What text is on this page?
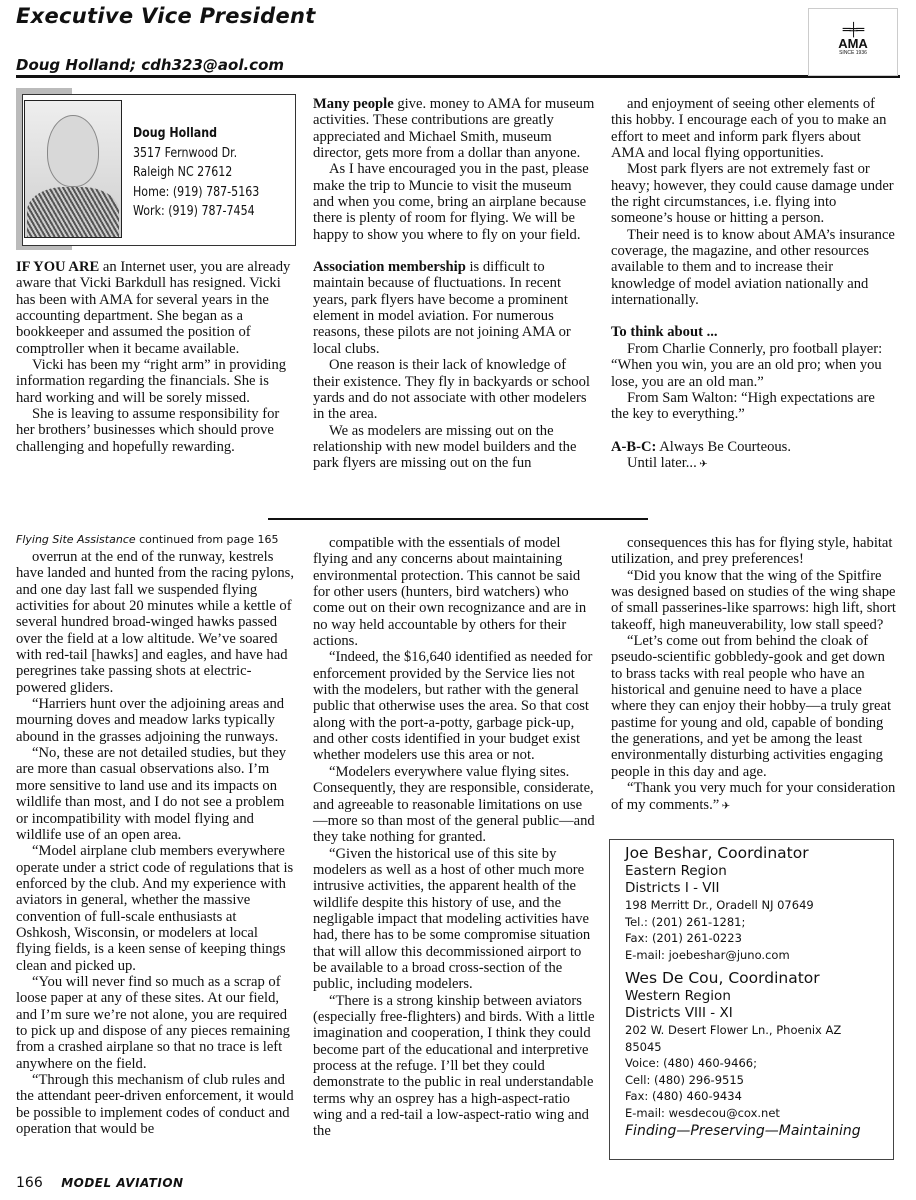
Executive Vice President
Doug Holland; cdh323@aol.com
═╪═
AMA
SINCE 1936
Doug Holland
3517 Fernwood Dr.
Raleigh NC 27612
Home: (919) 787-5163
Work: (919) 787-7454

IF YOU ARE an Internet user, you are already aware that Vicki Barkdull has resigned. Vicki has been with AMA for several years in the accounting department. She began as a bookkeeper and assumed the position of comptroller when it became available.

Vicki has been my “right arm” in providing information regarding the financials. She is hard working and will be sorely missed.

She is leaving to assume responsibility for her brothers’ businesses which should prove challenging and hopefully rewarding.

Many people give. money to AMA for museum activities. These contributions are greatly appreciated and Michael Smith, museum director, gets more from a dollar than anyone.

As I have encouraged you in the past, please make the trip to Muncie to visit the museum and when you come, bring an airplane because there is plenty of room for flying. We will be happy to show you where to fly on your field.

Association membership is difficult to maintain because of fluctuations. In recent years, park flyers have become a prominent element in model aviation. For numerous reasons, these pilots are not joining AMA or local clubs.

One reason is their lack of knowledge of their existence. They fly in backyards or school yards and do not associate with other modelers in the area.

We as modelers are missing out on the relationship with new model builders and the park flyers are missing out on the fun

and enjoyment of seeing other elements of this hobby. I encourage each of you to make an effort to meet and inform park flyers about AMA and local flying opportunities.

Most park flyers are not extremely fast or heavy; however, they could cause damage under the right circumstances, i.e. flying into someone’s house or hitting a person.

Their need is to know about AMA’s insurance coverage, the magazine, and other resources available to them and to increase their knowledge of model aviation nationally and internationally.

To think about ...

From Charlie Connerly, pro football player: “When you win, you are an old pro; when you lose, you are an old man.”

From Sam Walton: “High expectations are the key to everything.”

A-B-C: Always Be Courteous.

Until later... ✈

Flying Site Assistance continued from page 165

overrun at the end of the runway, kestrels have landed and hunted from the racing pylons, and one day last fall we suspended flying activities for about 20 minutes while a kettle of several hundred broad-winged hawks passed over the field at a low altitude. We’ve soared with red-tail [hawks] and eagles, and have had peregrines take passing shots at electric-powered gliders.

“Harriers hunt over the adjoining areas and mourning doves and meadow larks typically abound in the grasses adjoining the runways.

“No, these are not detailed studies, but they are more than casual observations also. I’m more sensitive to land use and its impacts on wildlife than most, and I do not see a problem or incompatibility with model flying and wildlife use of an open area.

“Model airplane club members everywhere operate under a strict code of regulations that is enforced by the club. And my experience with aviators in general, whether the massive convention of full-scale enthusiasts at Oshkosh, Wisconsin, or modelers at local flying fields, is a keen sense of keeping things clean and picked up.

“You will never find so much as a scrap of loose paper at any of these sites. At our field, and I’m sure we’re not alone, you are required to pick up and dispose of any pieces remaining from a crashed airplane so that no trace is left anywhere on the field.

“Through this mechanism of club rules and the attendant peer-driven enforcement, it would be possible to implement codes of conduct and operation that would be

compatible with the essentials of model flying and any concerns about maintaining environmental protection. This cannot be said for other users (hunters, bird watchers) who come out on their own recognizance and are in no way held accountable by others for their actions.

“Indeed, the $16,640 identified as needed for enforcement provided by the Service lies not with the modelers, but rather with the general public that otherwise uses the area. So that cost along with the port-a-potty, garbage pick-up, and other costs identified in your budget exist whether modelers use this area or not.

“Modelers everywhere value flying sites. Consequently, they are responsible, considerate, and agreeable to reasonable limitations on use—more so than most of the general public—and they take nothing for granted.

“Given the historical use of this site by modelers as well as a host of other much more intrusive activities, the apparent health of the wildlife despite this history of use, and the negligable impact that modeling activities have had, there has to be some compromise situation that will allow this decommissioned airport to be available to a broad cross-section of the public, including modelers.

“There is a strong kinship between aviators (especially free-flighters) and birds. With a little imagination and cooperation, I think they could become part of the educational and interpretive process at the refuge. I’ll bet they could demonstrate to the public in real understandable terms why an osprey has a high-aspect-ratio wing and a red-tail a low-aspect-ratio wing and the

consequences this has for flying style, habitat utilization, and prey preferences!

“Did you know that the wing of the Spitfire was designed based on studies of the wing shape of small passerines-like sparrows: high lift, short takeoff, high maneuverability, low stall speed?

“Let’s come out from behind the cloak of pseudo-scientific gobbledy-gook and get down to brass tacks with real people who have an historical and genuine need to have a place where they can enjoy their hobby—a truly great pastime for young and old, capable of bonding the generations, and yet be among the least environmentally disturbing activities engaging people in this day and age.

“Thank you very much for your consideration of my comments.” ✈

Joe Beshar, Coordinator
Eastern Region
Districts I - VII
198 Merritt Dr., Oradell NJ 07649
Tel.: (201) 261-1281;
Fax: (201) 261-0223
E-mail: joebeshar@juno.com
Wes De Cou, Coordinator
Western Region
Districts VIII - XI
202 W. Desert Flower Ln., Phoenix AZ
85045
Voice: (480) 460-9466;
Cell: (480) 296-9515
Fax: (480) 460-9434
E-mail: wesdecou@cox.net
Finding—Preserving—Maintaining
166 MODEL AVIATION
